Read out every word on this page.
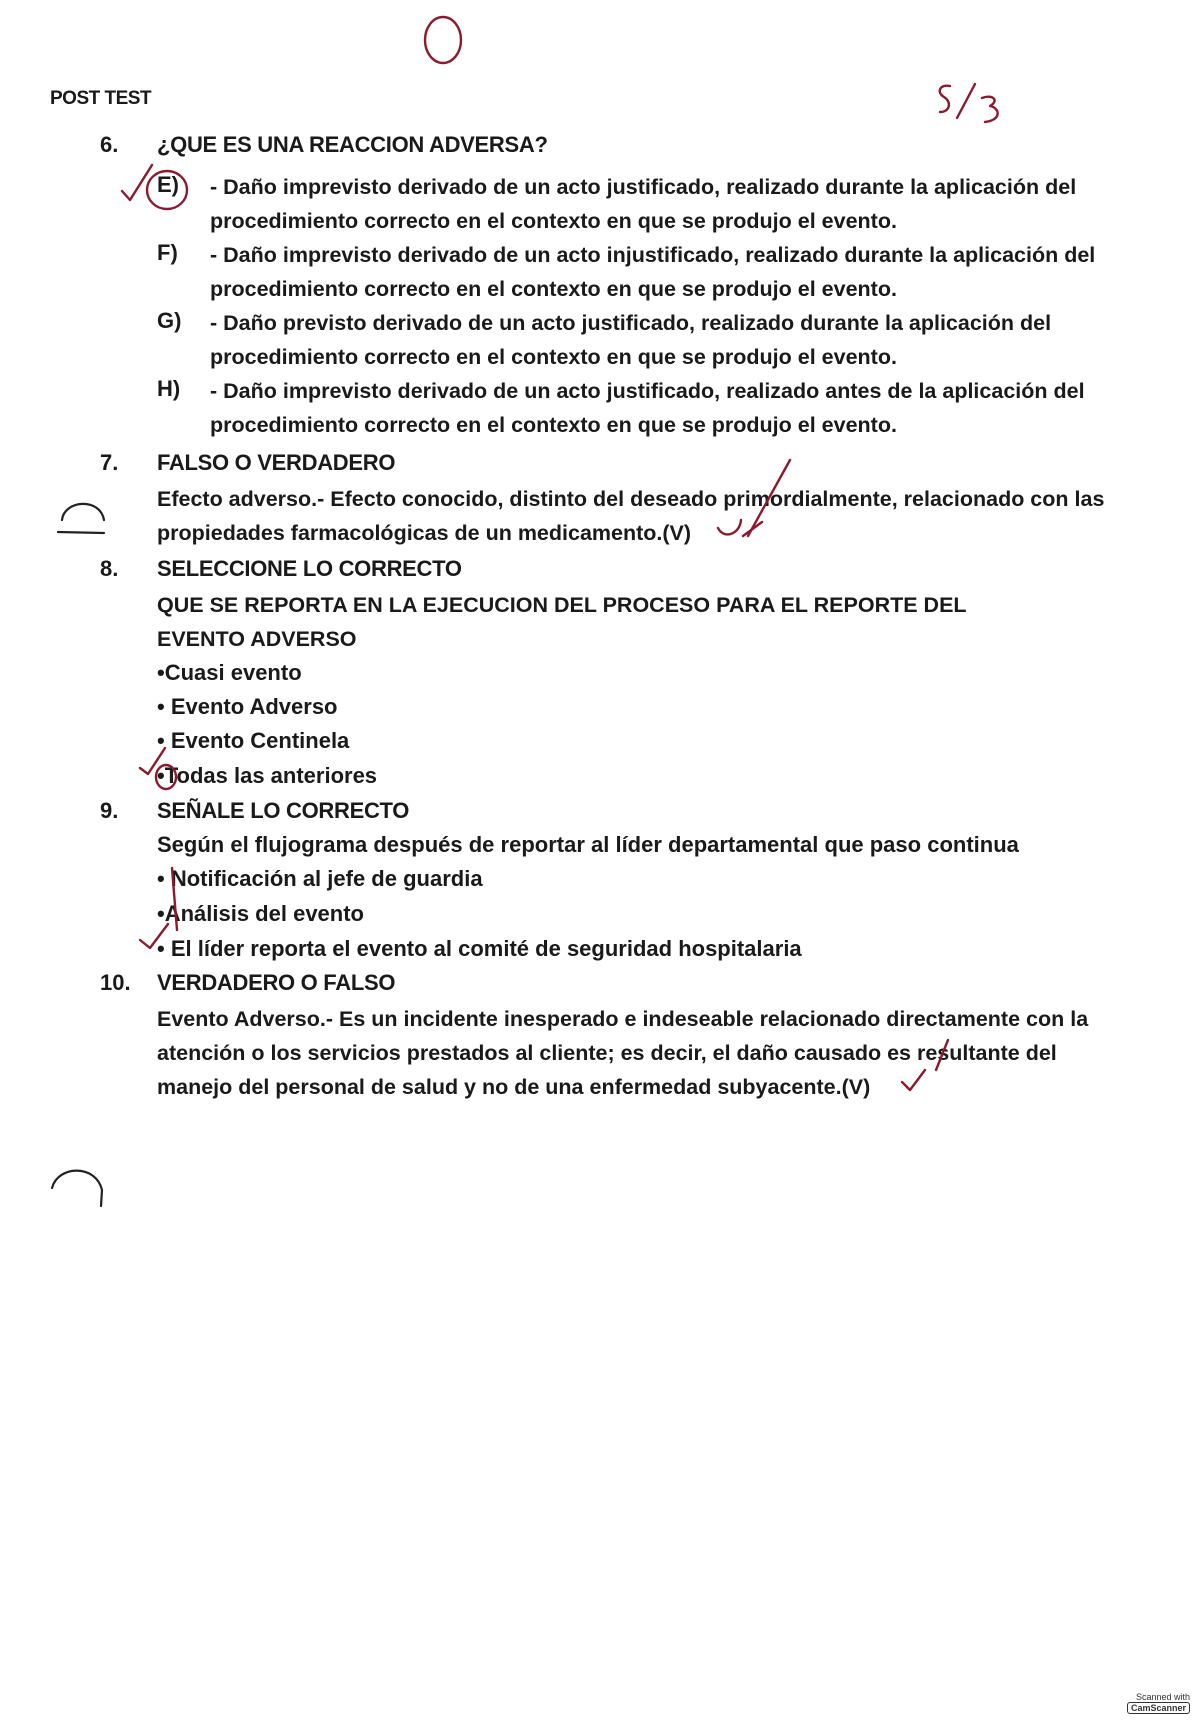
POST TEST
6. ¿QUE ES UNA REACCION ADVERSA?
E) - Daño imprevisto derivado de un acto justificado, realizado durante la aplicación del procedimiento correcto en el contexto en que se produjo el evento.
F) - Daño imprevisto derivado de un acto injustificado, realizado durante la aplicación del procedimiento correcto en el contexto en que se produjo el evento.
G) - Daño previsto derivado de un acto justificado, realizado durante la aplicación del procedimiento correcto en el contexto en que se produjo el evento.
H) - Daño imprevisto derivado de un acto justificado, realizado antes de la aplicación del procedimiento correcto en el contexto en que se produjo el evento.
7. FALSO O VERDADERO
Efecto adverso.- Efecto conocido, distinto del deseado primordialmente, relacionado con las propiedades farmacológicas de un medicamento.(V)
8. SELECCIONE LO CORRECTO
QUE SE REPORTA EN LA EJECUCION DEL PROCESO PARA EL REPORTE DEL EVENTO ADVERSO
•Cuasi evento
• Evento Adverso
• Evento Centinela
•Todas las anteriores
9. SEÑALE LO CORRECTO
Según el flujograma después de reportar al líder departamental que paso continua
• Notificación al jefe de guardia
•Análisis del evento
• El líder reporta el evento al comité de seguridad hospitalaria
10. VERDADERO O FALSO
Evento Adverso.- Es un incidente inesperado e indeseable relacionado directamente con la atención o los servicios prestados al cliente; es decir, el daño causado es resultante del manejo del personal de salud y no de una enfermedad subyacente.(V)
Scanned with
CamScanner
